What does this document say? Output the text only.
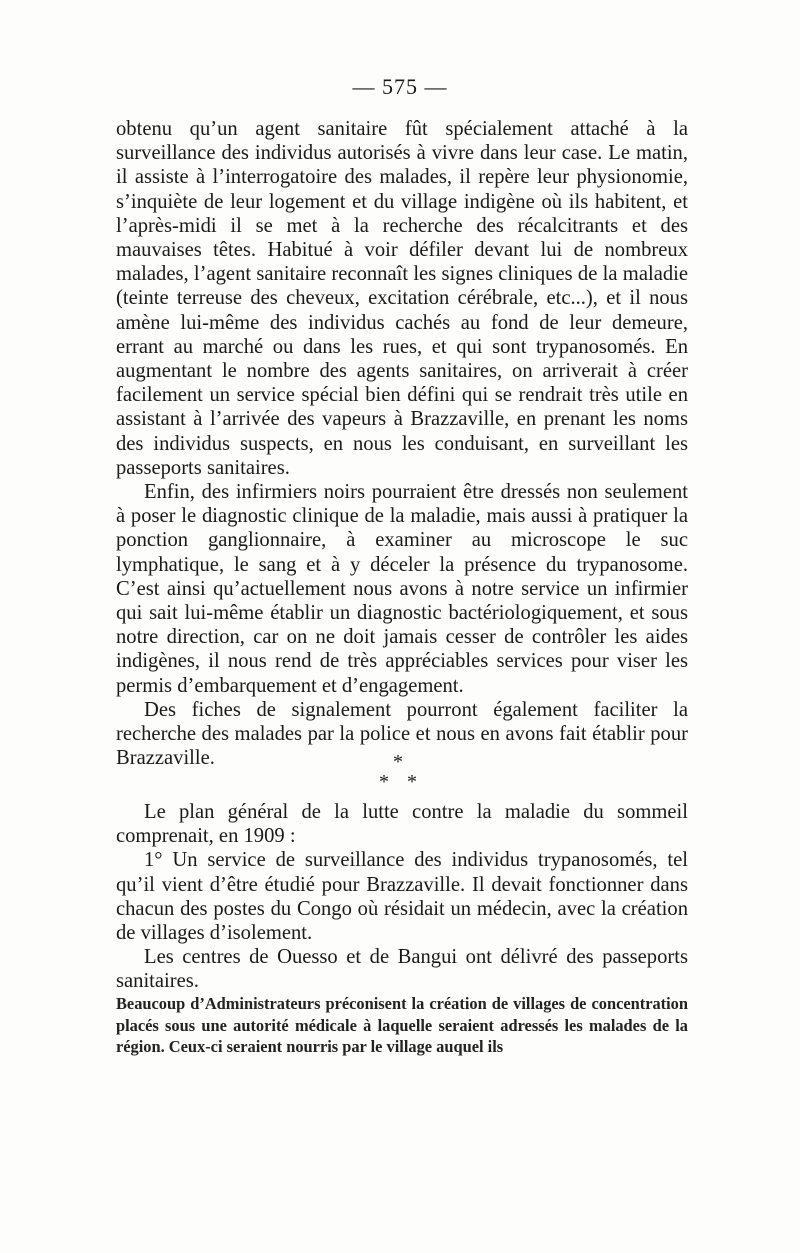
— 575 —

obtenu qu’un agent sanitaire fût spécialement attaché à la surveillance des individus autorisés à vivre dans leur case. Le matin, il assiste à l’interrogatoire des malades, il repère leur physionomie, s’inquiète de leur logement et du village indigène où ils habitent, et l’après-midi il se met à la recherche des récalcitrants et des mauvaises têtes. Habitué à voir défiler devant lui de nombreux malades, l’agent sanitaire reconnaît les signes cliniques de la maladie (teinte terreuse des cheveux, excitation cérébrale, etc...), et il nous amène lui-même des individus cachés au fond de leur demeure, errant au marché ou dans les rues, et qui sont trypanosomés. En augmentant le nombre des agents sanitaires, on arriverait à créer facilement un service spécial bien défini qui se rendrait très utile en assistant à l’arrivée des vapeurs à Brazzaville, en prenant les noms des individus suspects, en nous les conduisant, en surveillant les passeports sanitaires.

Enfin, des infirmiers noirs pourraient être dressés non seulement à poser le diagnostic clinique de la maladie, mais aussi à pratiquer la ponction ganglionnaire, à examiner au microscope le suc lymphatique, le sang et à y déceler la présence du trypanosome. C’est ainsi qu’actuellement nous avons à notre service un infirmier qui sait lui-même établir un diagnostic bactériologiquement, et sous notre direction, car on ne doit jamais cesser de contrôler les aides indigènes, il nous rend de très appréciables services pour viser les permis d’embarquement et d’engagement.

Des fiches de signalement pourront également faciliter la recherche des malades par la police et nous en avons fait établir pour Brazzaville.	*
* *

Le plan général de la lutte contre la maladie du sommeil comprenait, en 1909 :

1° Un service de surveillance des individus trypanosomés, tel qu’il vient d’être étudié pour Brazzaville. Il devait fonctionner dans chacun des postes du Congo où résidait un médecin, avec la création de villages d’isolement.

Les centres de Ouesso et de Bangui ont délivré des passeports sanitaires.

Beaucoup d’Administrateurs préconisent la création de villages de concentration placés sous une autorité médicale à laquelle seraient adressés les malades de la région. Ceux-ci seraient nourris par le village auquel ils
